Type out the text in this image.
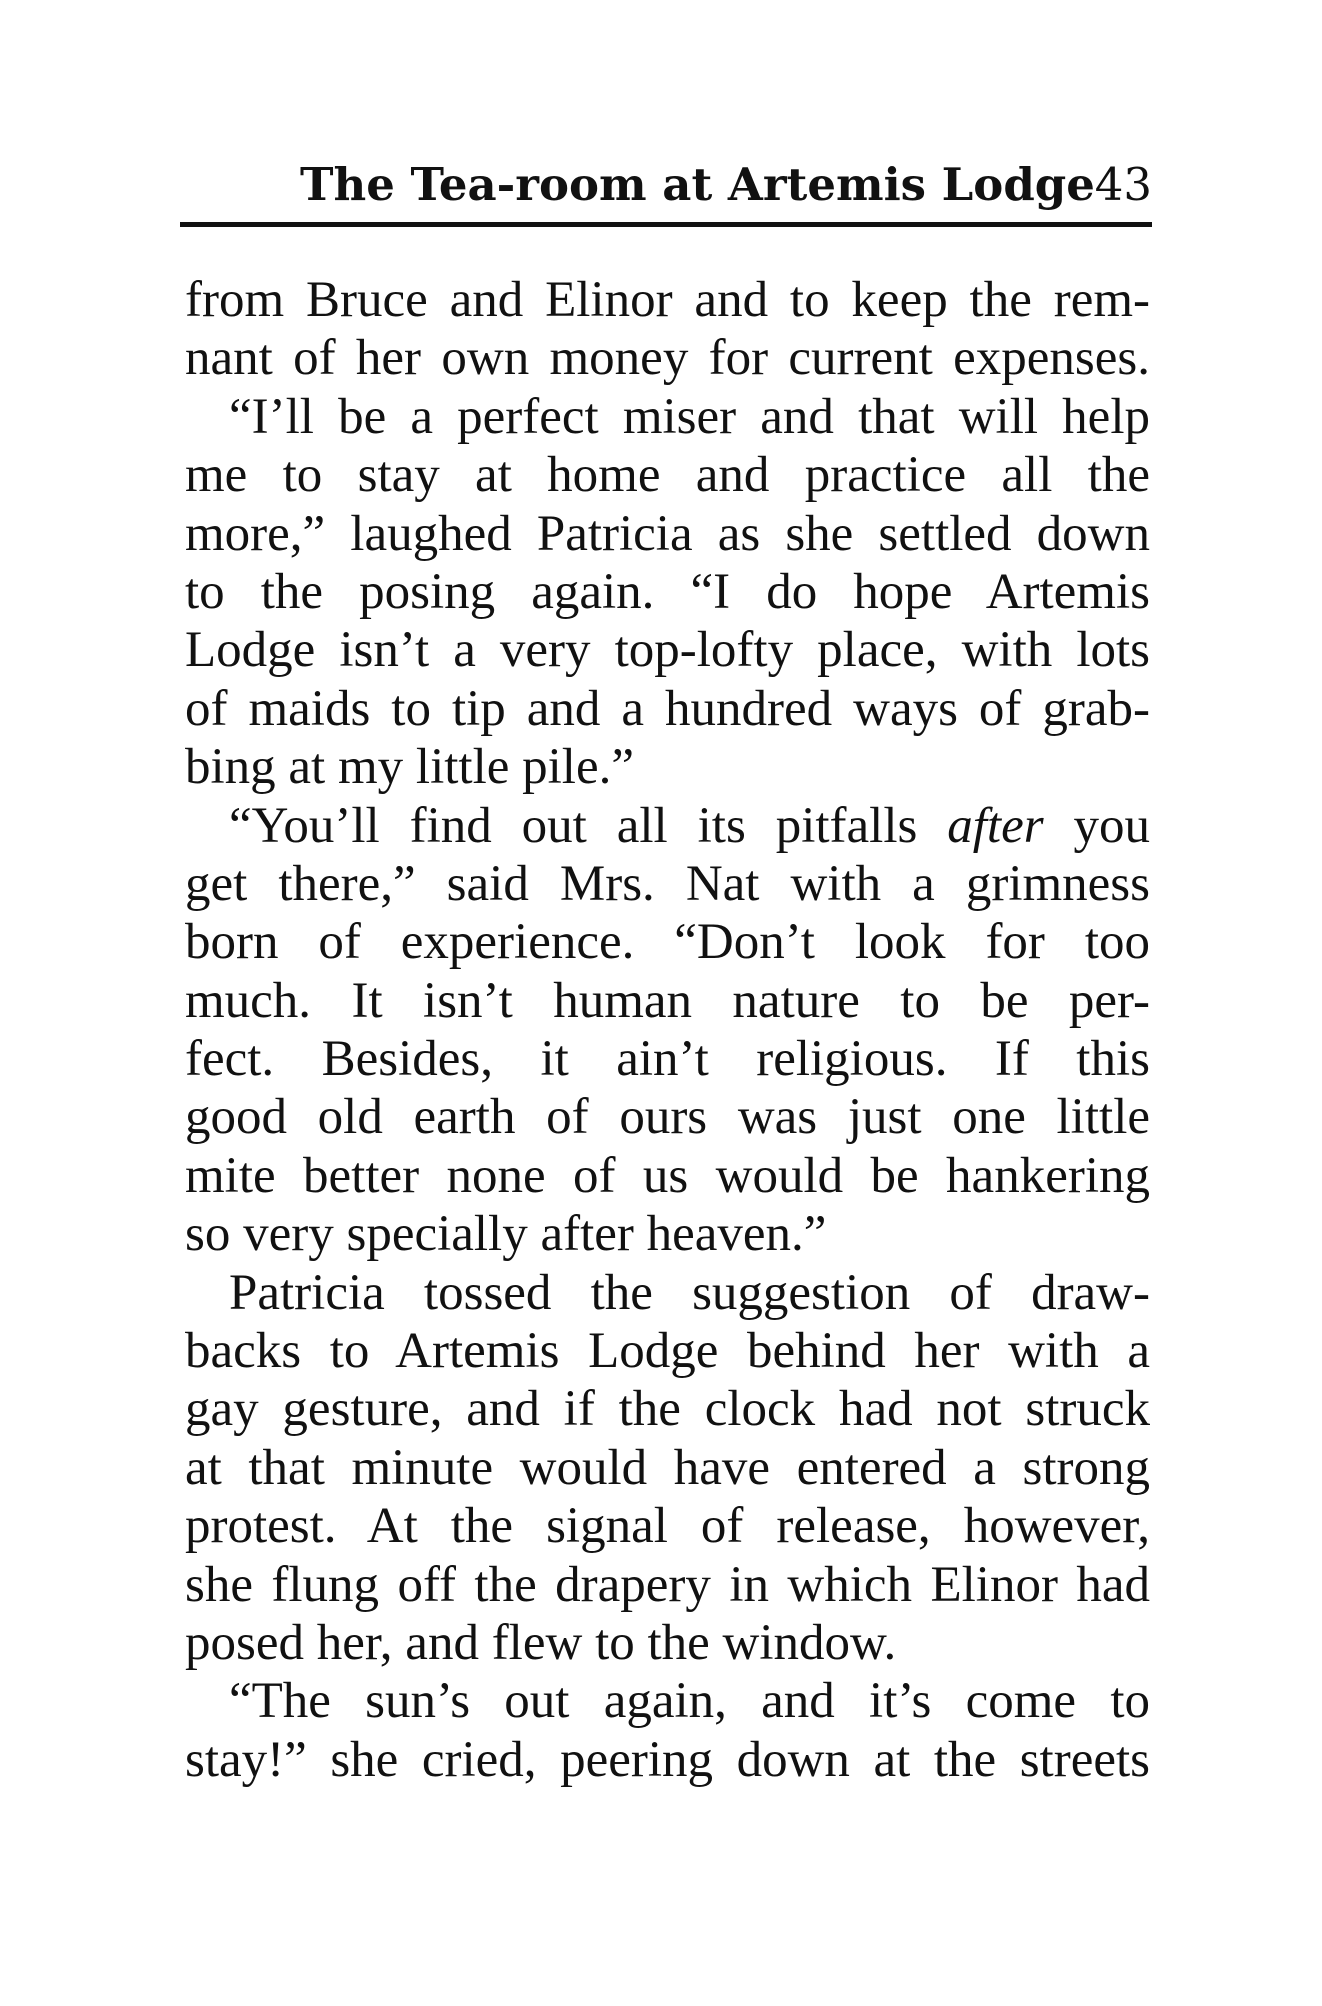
The Tea-room at Artemis Lodge 43
from Bruce and Elinor and to keep the rem-
nant of her own money for current expenses.
“I’ll be a perfect miser and that will help
me to stay at home and practice all the
more,” laughed Patricia as she settled down
to the posing again. “I do hope Artemis
Lodge isn’t a very top-lofty place, with lots
of maids to tip and a hundred ways of grab-
bing at my little pile.”
“You’ll find out all its pitfalls after you
get there,” said Mrs. Nat with a grimness
born of experience. “Don’t look for too
much. It isn’t human nature to be per-
fect. Besides, it ain’t religious. If this
good old earth of ours was just one little
mite better none of us would be hankering
so very specially after heaven.”
Patricia tossed the suggestion of draw-
backs to Artemis Lodge behind her with a
gay gesture, and if the clock had not struck
at that minute would have entered a strong
protest. At the signal of release, however,
she flung off the drapery in which Elinor had
posed her, and flew to the window.
“The sun’s out again, and it’s come to
stay!” she cried, peering down at the streets
